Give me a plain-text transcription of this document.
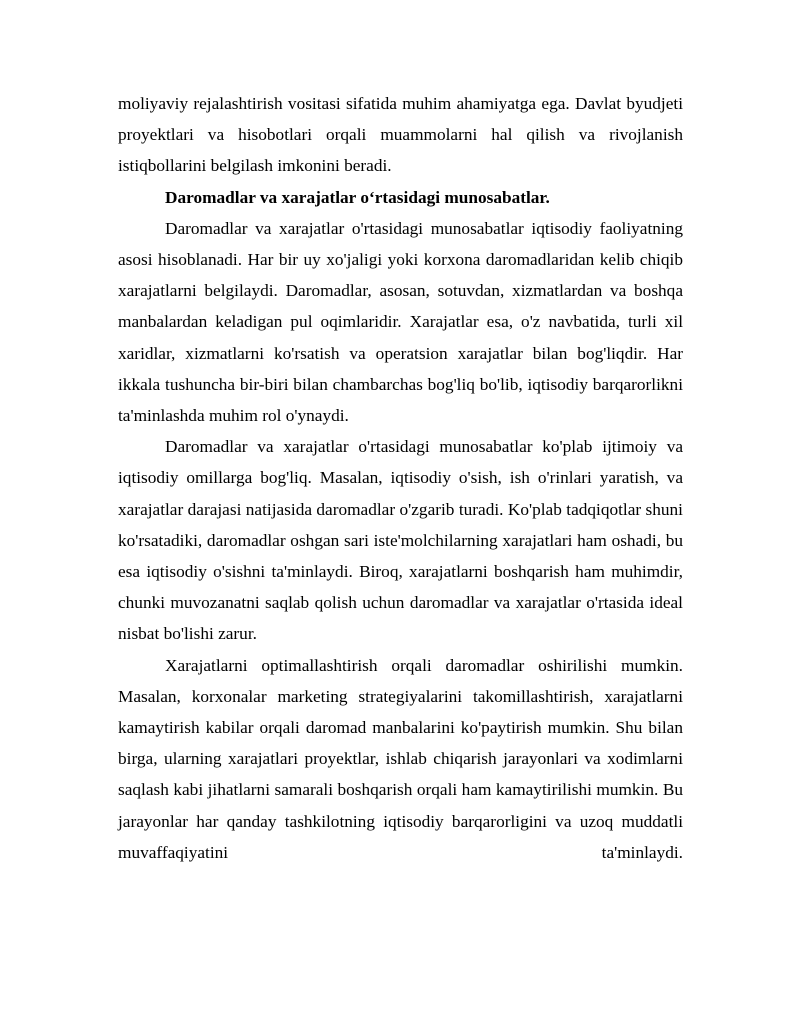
moliyaviy rejalashtirish vositasi sifatida muhim ahamiyatga ega. Davlat byudjeti proyektlari va hisobotlari orqali muammolarni hal qilish va rivojlanish istiqbollarini belgilash imkonini beradi.

Daromadlar va xarajatlar oʻrtasidagi munosabatlar.

Daromadlar va xarajatlar o'rtasidagi munosabatlar iqtisodiy faoliyatning asosi hisoblanadi. Har bir uy xo'jaligi yoki korxona daromadlaridan kelib chiqib xarajatlarni belgilaydi. Daromadlar, asosan, sotuvdan, xizmatlardan va boshqa manbalardan keladigan pul oqimlaridir. Xarajatlar esa, o'z navbatida, turli xil xaridlar, xizmatlarni ko'rsatish va operatsion xarajatlar bilan bog'liqdir. Har ikkala tushuncha bir-biri bilan chambarchas bog'liq bo'lib, iqtisodiy barqarorlikni ta'minlashda muhim rol o'ynaydi.

Daromadlar va xarajatlar o'rtasidagi munosabatlar ko'plab ijtimoiy va iqtisodiy omillarga bog'liq. Masalan, iqtisodiy o'sish, ish o'rinlari yaratish, va xarajatlar darajasi natijasida daromadlar o'zgarib turadi. Ko'plab tadqiqotlar shuni ko'rsatadiki, daromadlar oshgan sari iste'molchilarning xarajatlari ham oshadi, bu esa iqtisodiy o'sishni ta'minlaydi. Biroq, xarajatlarni boshqarish ham muhimdir, chunki muvozanatni saqlab qolish uchun daromadlar va xarajatlar o'rtasida ideal nisbat bo'lishi zarur.

Xarajatlarni optimallashtirish orqali daromadlar oshirilishi mumkin. Masalan, korxonalar marketing strategiyalarini takomillashtirish, xarajatlarni kamaytirish kabilar orqali daromad manbalarini ko'paytirish mumkin. Shu bilan birga, ularning xarajatlari proyektlar, ishlab chiqarish jarayonlari va xodimlarni saqlash kabi jihatlarni samarali boshqarish orqali ham kamaytirilishi mumkin. Bu jarayonlar har qanday tashkilotning iqtisodiy barqarorligini va uzoq muddatli muvaffaqiyatini ta'minlaydi.
